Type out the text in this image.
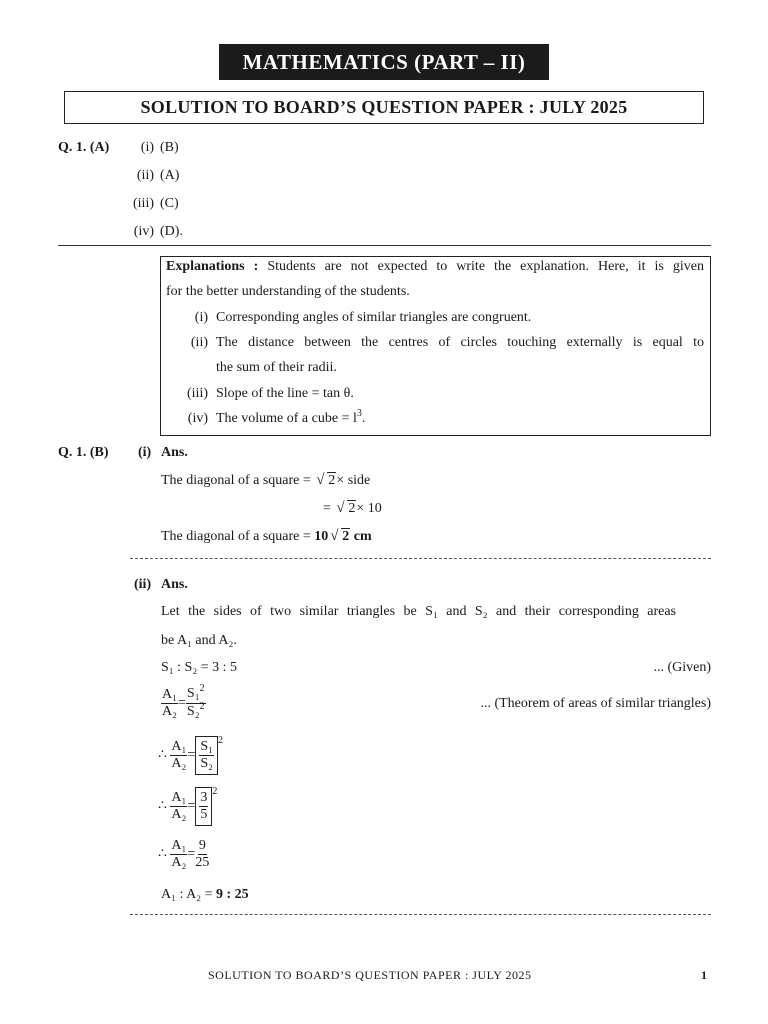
MATHEMATICS (PART – II)
SOLUTION TO BOARD’S QUESTION PAPER : JULY 2025
Q. 1. (A)	(i) (B)
(ii) (A)
(iii) (C)
(iv) (D).
Explanations : Students are not expected to write the explanation. Here, it is given
for the better understanding of the students.
(i) Corresponding angles of similar triangles are congruent.
(ii) The distance between the centres of circles touching externally is equal to
the sum of their radii.
(iii) Slope of the line = tan θ.
(iv) The volume of a cube = $l^3$.
Q. 1. (B) (i) Ans.
The diagonal of a square = √ 2× side
= √ 2× 10
The diagonal of a square = 10 √ 2 cm
(ii) Ans.
Let the sides of two similar triangles be S₁ and S₂ and their corresponding areas
be A₁ and A₂.
S₁ : S₂ = 3 : 5	... (Given)
$\frac{\text{A₁}}{\text{A₂}} = \frac{S_1^2}{S_2^2}$	... (Theorem of areas of similar triangles)
∴ $\frac{\text{A₁}}{\text{A₂}} = \frac{\text{S₁}}{\text{S₂}} ^2$
∴ $\frac{\text{A₁}}{\text{A₂}} = \frac{3}{5} ^2$
∴ $\frac{\text{A₁}}{\text{A₂}} = \frac{9}{25}$
A₁ : A₂ = 9 : 25
SOLUTION TO BOARD’S QUESTION PAPER : JULY 2025	1
